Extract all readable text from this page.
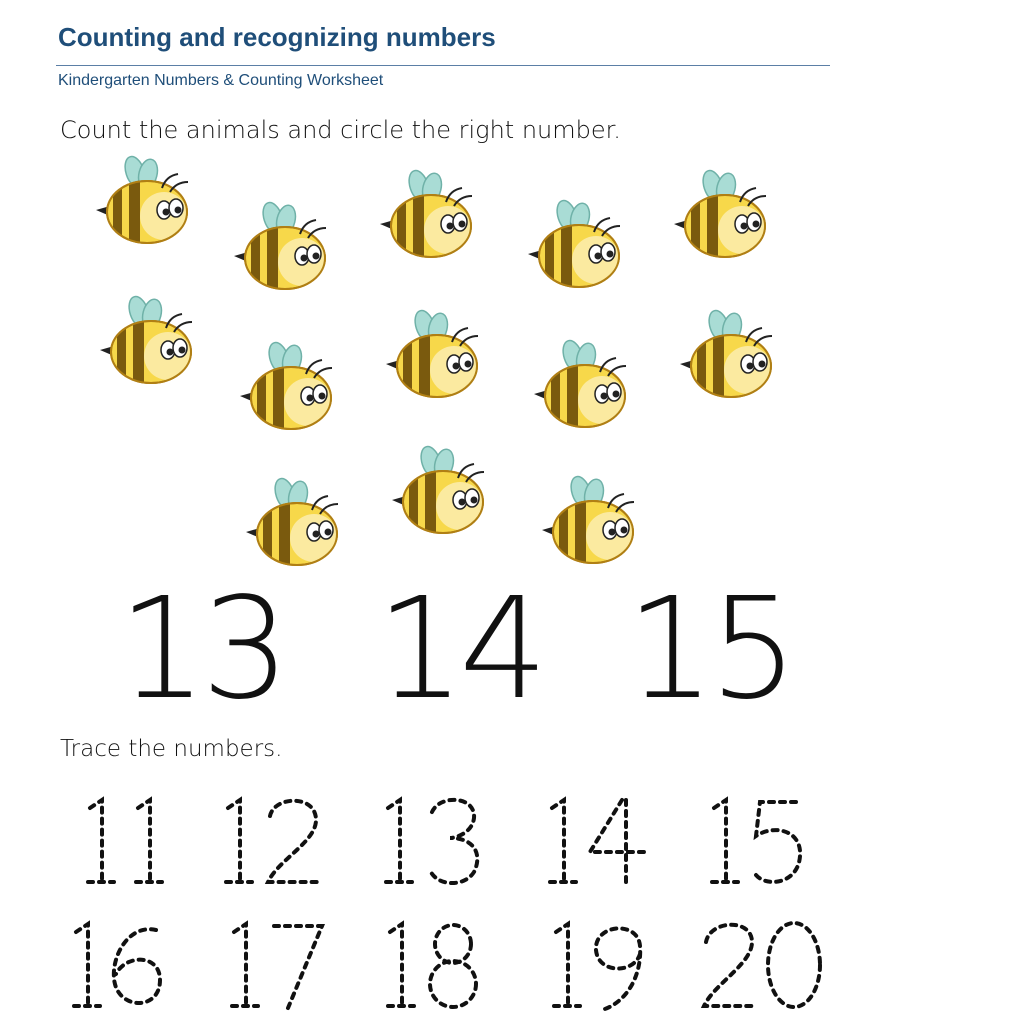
Counting and recognizing numbers
Kindergarten Numbers & Counting Worksheet
Count the animals and circle the right number.
13 14 15
Trace the numbers.
